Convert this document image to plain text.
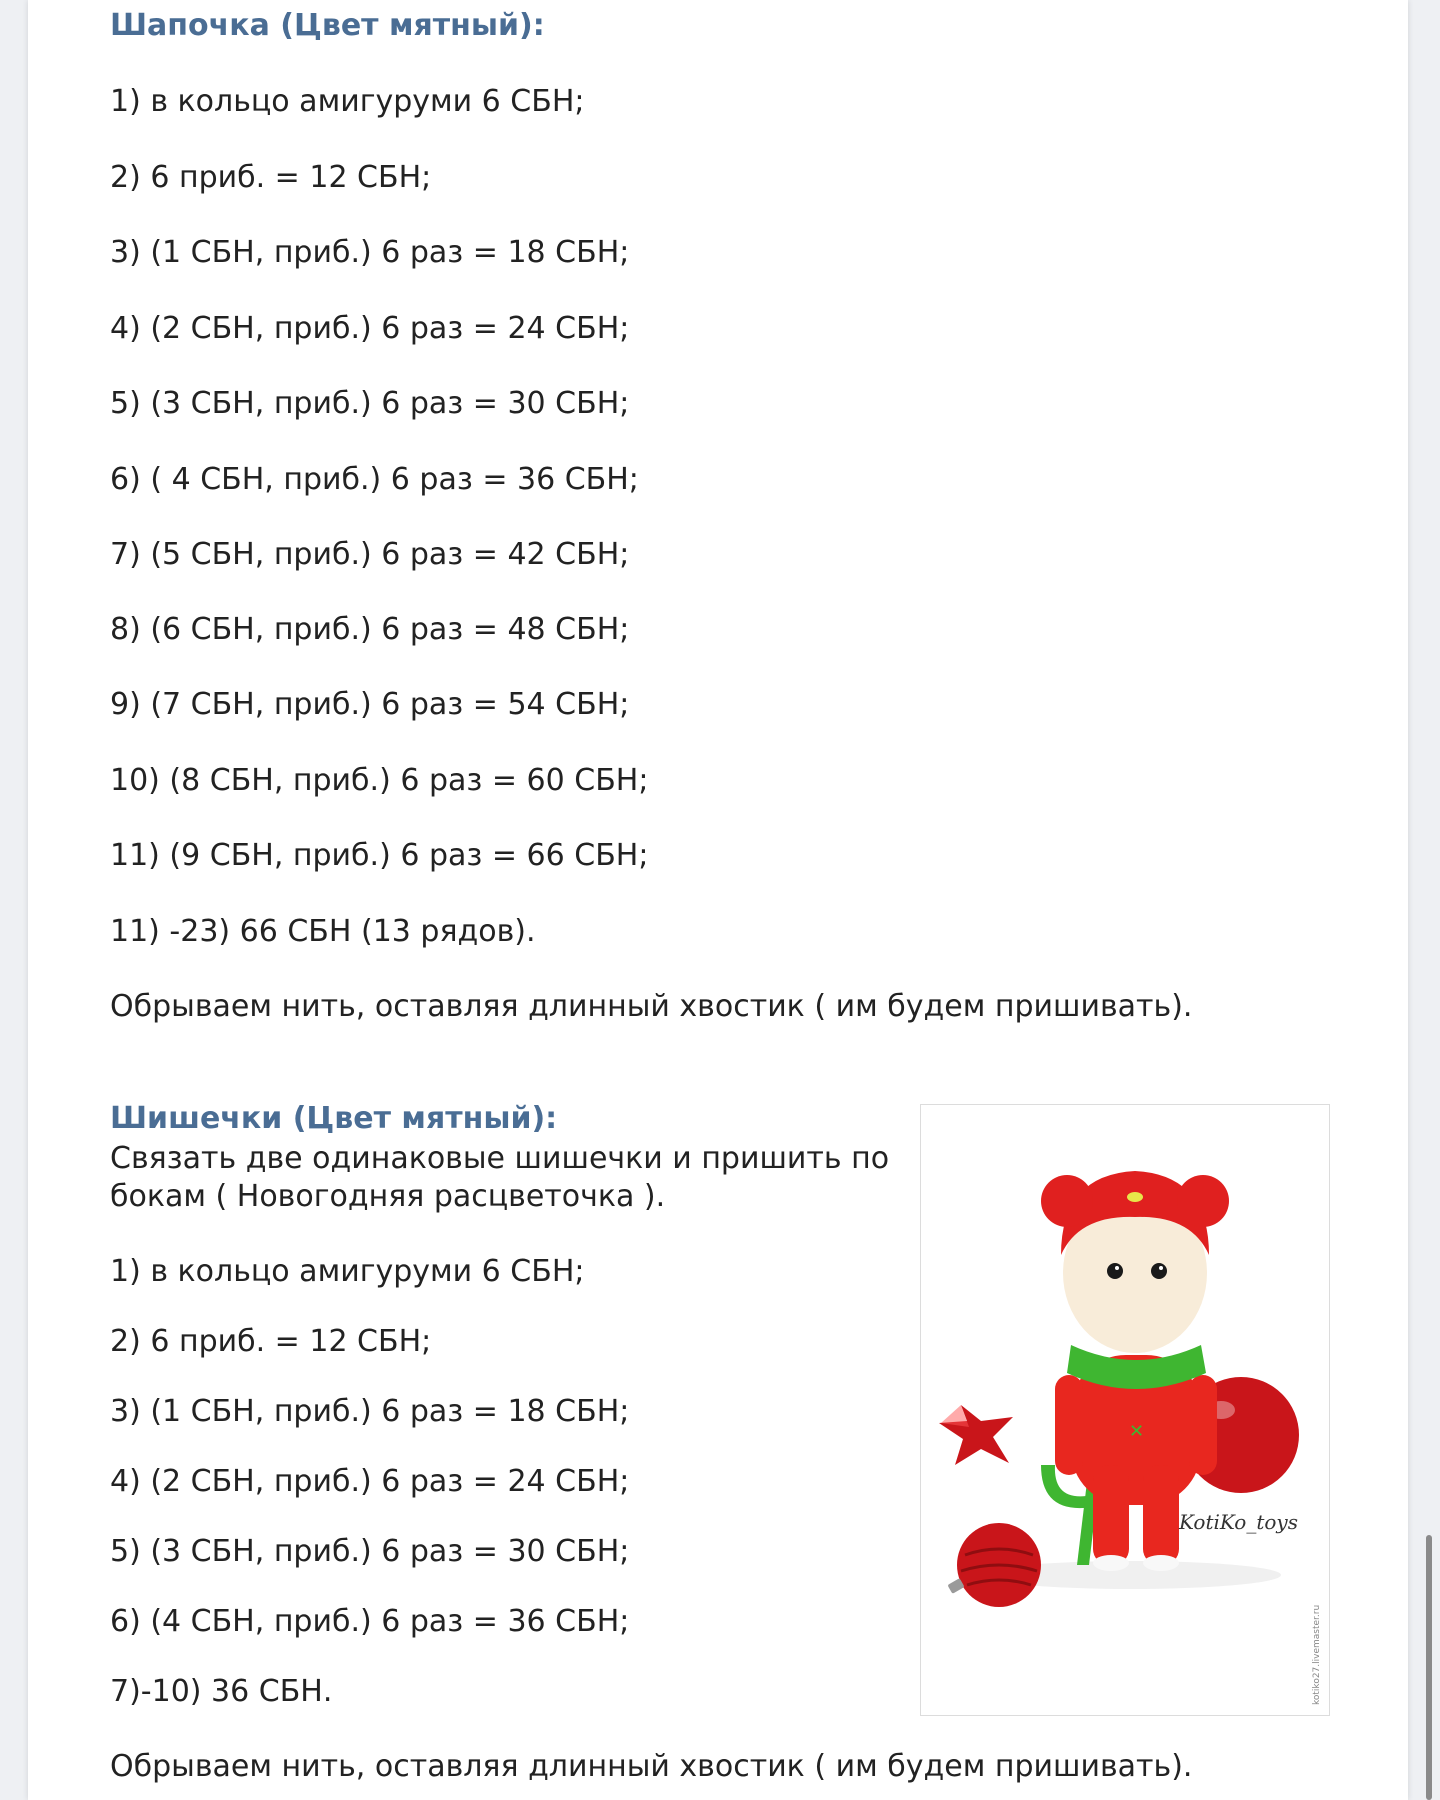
Шапочка (Цвет мятный):

1) в кольцо амигуруми 6 СБН;

2) 6 приб. = 12 СБН;

3) (1 СБН, приб.) 6 раз = 18 СБН;

4) (2 СБН, приб.) 6 раз = 24 СБН;

5) (3 СБН, приб.) 6 раз = 30 СБН;

6) ( 4 СБН, приб.) 6 раз = 36 СБН;

7) (5 СБН, приб.) 6 раз = 42 СБН;

8) (6 СБН, приб.) 6 раз = 48 СБН;

9) (7 СБН, приб.) 6 раз = 54 СБН;

10) (8 СБН, приб.) 6 раз = 60 СБН;

11) (9 СБН, приб.) 6 раз = 66 СБН;

11) -23) 66 СБН (13 рядов).

Обрываем нить, оставляя длинный хвостик ( им будем пришивать).

Шишечки (Цвет мятный):

Связать две одинаковые шишечки и пришить по

бокам ( Новогодняя расцветочка ).

1) в кольцо амигуруми 6 СБН;

2) 6 приб. = 12 СБН;

3) (1 СБН, приб.) 6 раз = 18 СБН;

4) (2 СБН, приб.) 6 раз = 24 СБН;

5) (3 СБН, приб.) 6 раз = 30 СБН;

6) (4 СБН, приб.) 6 раз = 36 СБН;

7)-10) 36 СБН.

Обрываем нить, оставляя длинный хвостик ( им будем пришивать).

✕
KotiKo_toys
kotiko27.livemaster.ru
